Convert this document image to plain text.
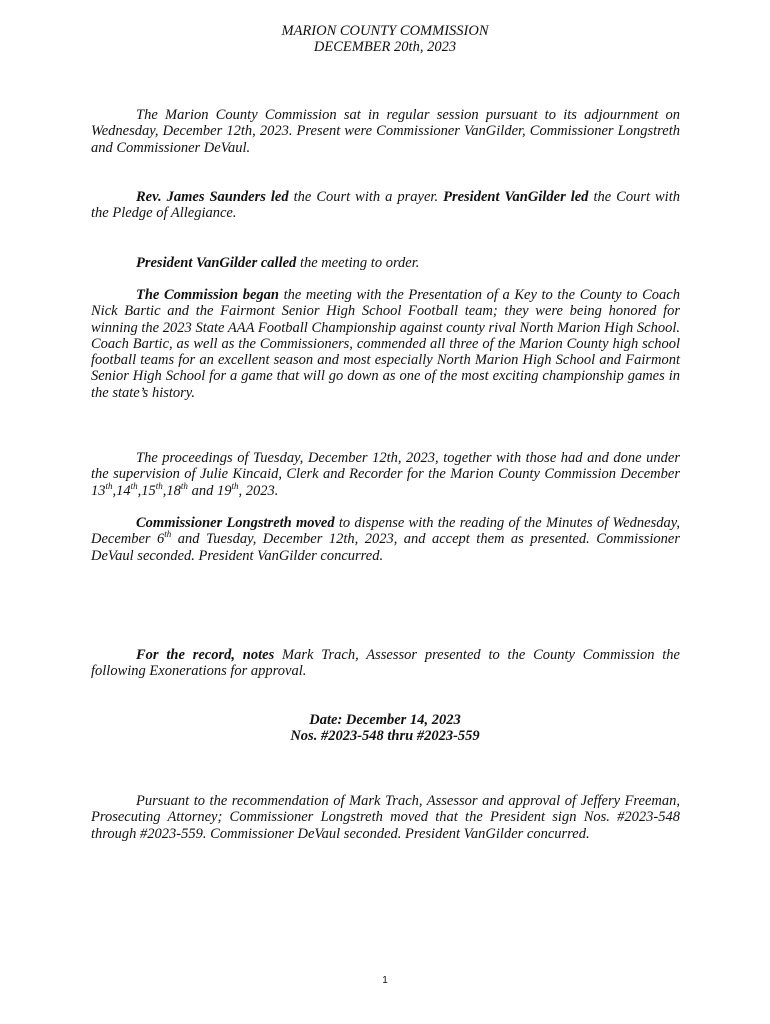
MARION COUNTY COMMISSION
DECEMBER 20th, 2023
The Marion County Commission sat in regular session pursuant to its adjournment on Wednesday, December 12th, 2023. Present were Commissioner VanGilder, Commissioner Longstreth and Commissioner DeVaul.
Rev. James Saunders led the Court with a prayer. President VanGilder led the Court with the Pledge of Allegiance.
President VanGilder called the meeting to order.
The Commission began the meeting with the Presentation of a Key to the County to Coach Nick Bartic and the Fairmont Senior High School Football team; they were being honored for winning the 2023 State AAA Football Championship against county rival North Marion High School. Coach Bartic, as well as the Commissioners, commended all three of the Marion County high school football teams for an excellent season and most especially North Marion High School and Fairmont Senior High School for a game that will go down as one of the most exciting championship games in the state’s history.
The proceedings of Tuesday, December 12th, 2023, together with those had and done under the supervision of Julie Kincaid, Clerk and Recorder for the Marion County Commission December 13th,14th,15th,18th and 19th, 2023.
Commissioner Longstreth moved to dispense with the reading of the Minutes of Wednesday, December 6th and Tuesday, December 12th, 2023, and accept them as presented. Commissioner DeVaul seconded. President VanGilder concurred.
For the record, notes Mark Trach, Assessor presented to the County Commission the following Exonerations for approval.
Date: December 14, 2023
Nos. #2023-548 thru #2023-559
Pursuant to the recommendation of Mark Trach, Assessor and approval of Jeffery Freeman, Prosecuting Attorney; Commissioner Longstreth moved that the President sign Nos. #2023-548 through #2023-559. Commissioner DeVaul seconded. President VanGilder concurred.
1
